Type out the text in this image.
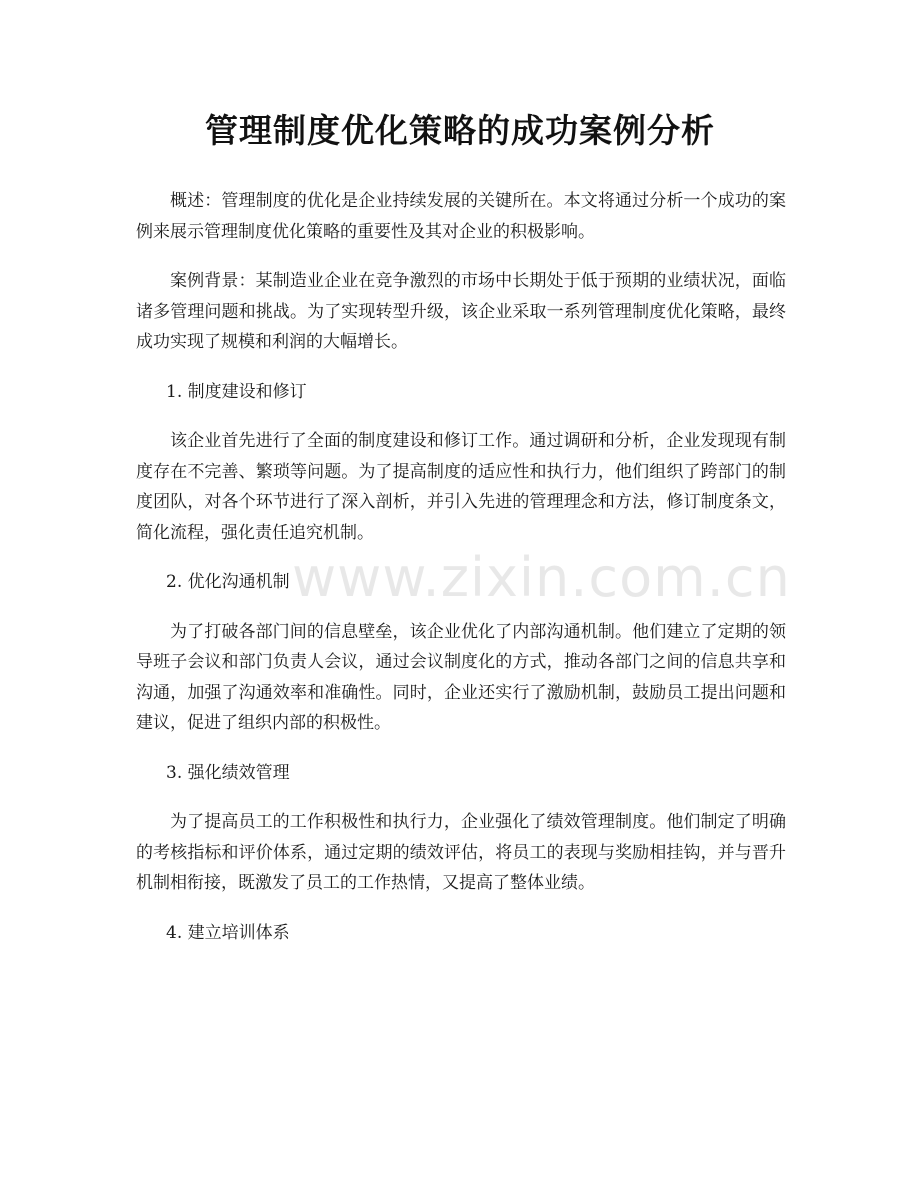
管理制度优化策略的成功案例分析

概述：管理制度的优化是企业持续发展的关键所在。本文将通过分析一个成功的案例来展示管理制度优化策略的重要性及其对企业的积极影响。

案例背景：某制造业企业在竞争激烈的市场中长期处于低于预期的业绩状况，面临诸多管理问题和挑战。为了实现转型升级，该企业采取一系列管理制度优化策略，最终成功实现了规模和利润的大幅增长。

1. 制度建设和修订

该企业首先进行了全面的制度建设和修订工作。通过调研和分析，企业发现现有制度存在不完善、繁琐等问题。为了提高制度的适应性和执行力，他们组织了跨部门的制度团队，对各个环节进行了深入剖析，并引入先进的管理理念和方法，修订制度条文，简化流程，强化责任追究机制。

2. 优化沟通机制

为了打破各部门间的信息壁垒，该企业优化了内部沟通机制。他们建立了定期的领导班子会议和部门负责人会议，通过会议制度化的方式，推动各部门之间的信息共享和沟通，加强了沟通效率和准确性。同时，企业还实行了激励机制，鼓励员工提出问题和建议，促进了组织内部的积极性。

3. 强化绩效管理

为了提高员工的工作积极性和执行力，企业强化了绩效管理制度。他们制定了明确的考核指标和评价体系，通过定期的绩效评估，将员工的表现与奖励相挂钩，并与晋升机制相衔接，既激发了员工的工作热情，又提高了整体业绩。

4. 建立培训体系

www.zixin.com.cn
